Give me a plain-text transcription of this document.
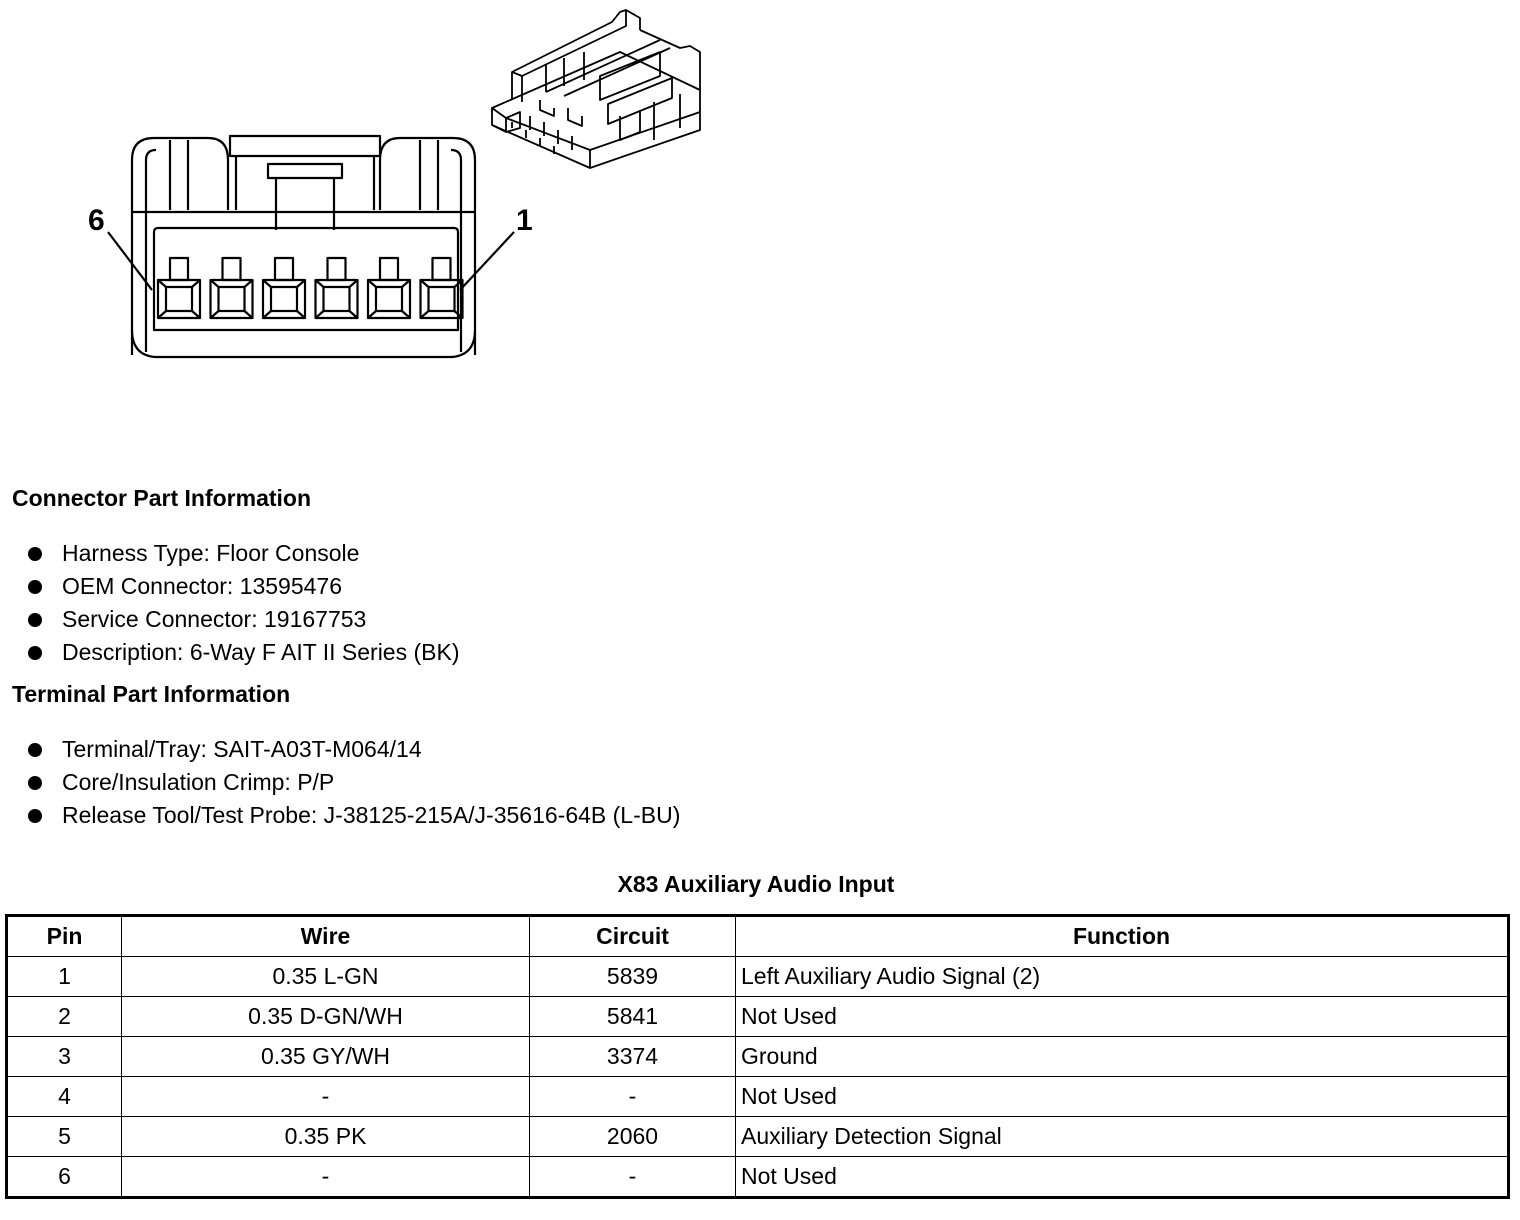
6	1
Connector Part Information
Harness Type: Floor Console
OEM Connector: 13595476
Service Connector: 19167753
Description: 6-Way F AIT II Series (BK)
Terminal Part Information
Terminal/Tray: SAIT-A03T-M064/14
Core/Insulation Crimp: P/P
Release Tool/Test Probe: J-38125-215A/J-35616-64B (L-BU)
X83 Auxiliary Audio Input
Pin	Wire	Circuit	Function
1	0.35 L-GN	5839	Left Auxiliary Audio Signal (2)
2	0.35 D-GN/WH	5841	Not Used
3	0.35 GY/WH	3374	Ground
4	-	-	Not Used
5	0.35 PK	2060	Auxiliary Detection Signal
6	-	-	Not Used
